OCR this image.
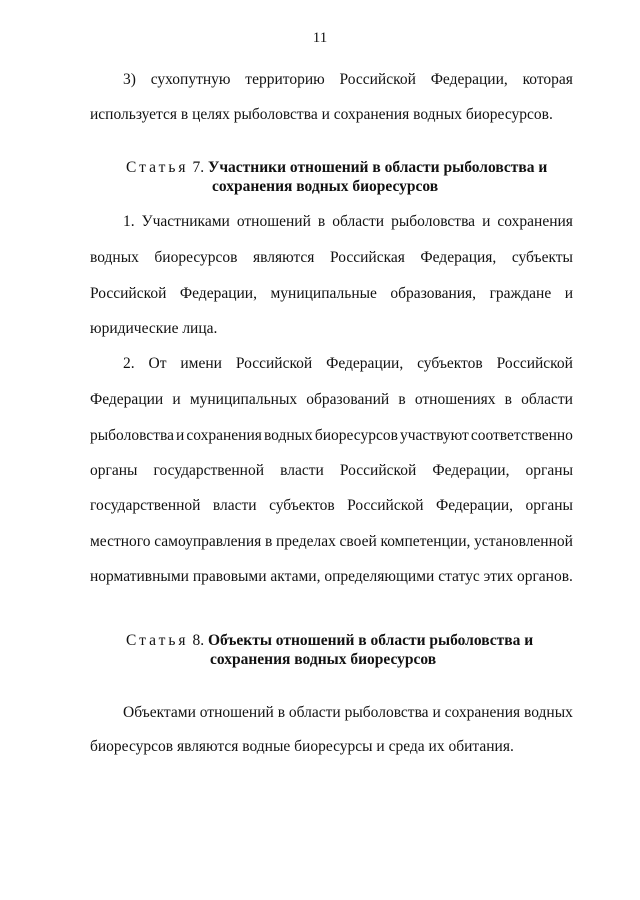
11
3) сухопутную территорию Российской Федерации, которая
используется в целях рыболовства и сохранения водных биоресурсов.
Статья 7. Участники отношений в области рыболовства и
сохранения водных биоресурсов
1. Участниками отношений в области рыболовства и сохранения
водных биоресурсов являются Российская Федерация, субъекты
Российской Федерации, муниципальные образования, граждане и
юридические лица.
2. От имени Российской Федерации, субъектов Российской
Федерации и муниципальных образований в отношениях в области
рыболовства и сохранения водных биоресурсов участвуют соответственно
органы государственной власти Российской Федерации, органы
государственной власти субъектов Российской Федерации, органы
местного самоуправления в пределах своей компетенции, установленной
нормативными правовыми актами, определяющими статус этих органов.
Статья 8. Объекты отношений в области рыболовства и
сохранения водных биоресурсов
Объектами отношений в области рыболовства и сохранения водных
биоресурсов являются водные биоресурсы и среда их обитания.
